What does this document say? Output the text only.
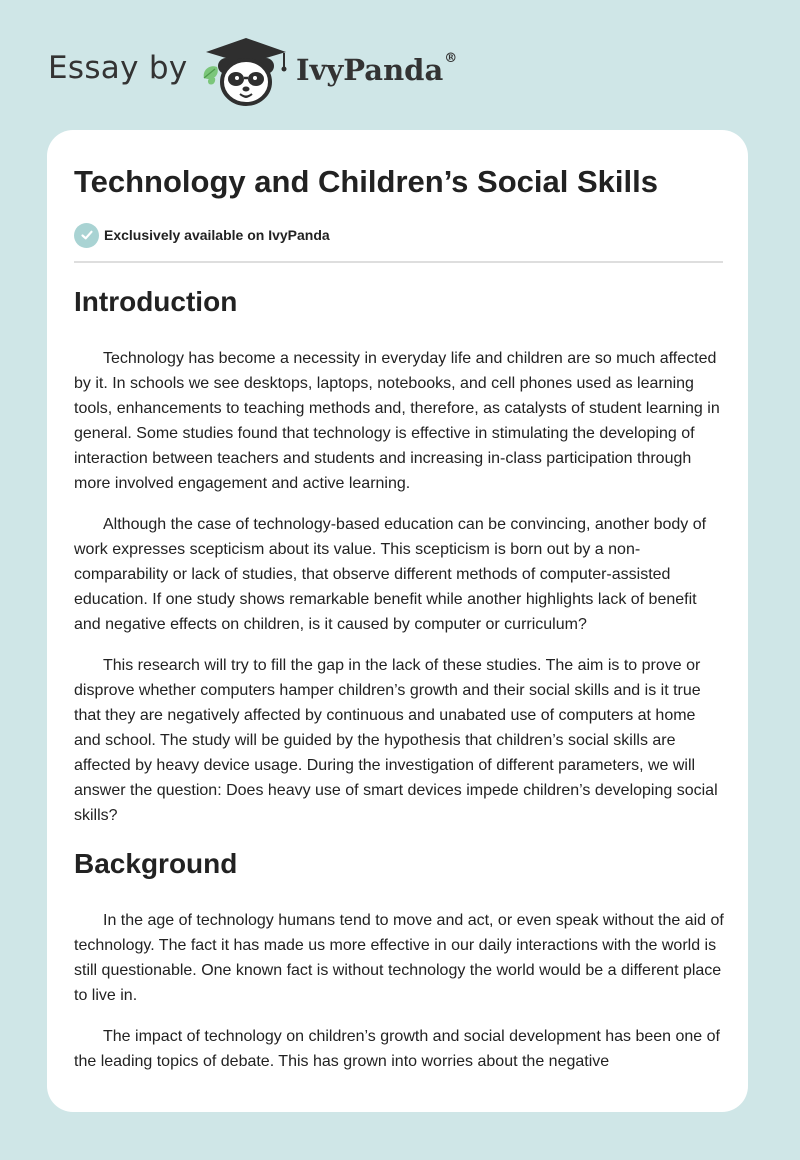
Essay by	IvyPanda®
Technology and Children’s Social Skills
Exclusively available on IvyPanda
Introduction

Technology has become a necessity in everyday life and children are so much affected by it. In schools we see desktops, laptops, notebooks, and cell phones used as learning tools, enhancements to teaching methods and, therefore, as catalysts of student learning in general. Some studies found that technology is effective in stimulating the developing of interaction between teachers and students and increasing in-class participation through more involved engagement and active learning.

Although the case of technology-based education can be convincing, another body of work expresses scepticism about its value. This scepticism is born out by a non-comparability or lack of studies, that observe different methods of computer-assisted education. If one study shows remarkable benefit while another highlights lack of benefit and negative effects on children, is it caused by computer or curriculum?

This research will try to fill the gap in the lack of these studies. The aim is to prove or disprove whether computers hamper children’s growth and their social skills and is it true that they are negatively affected by continuous and unabated use of computers at home and school. The study will be guided by the hypothesis that children’s social skills are affected by heavy device usage. During the investigation of different parameters, we will answer the question: Does heavy use of smart devices impede children’s developing social skills?

Background

In the age of technology humans tend to move and act, or even speak without the aid of technology. The fact it has made us more effective in our daily interactions with the world is still questionable. One known fact is without technology the world would be a different place to live in.

The impact of technology on children’s growth and social development has been one of the leading topics of debate. This has grown into worries about the negative
